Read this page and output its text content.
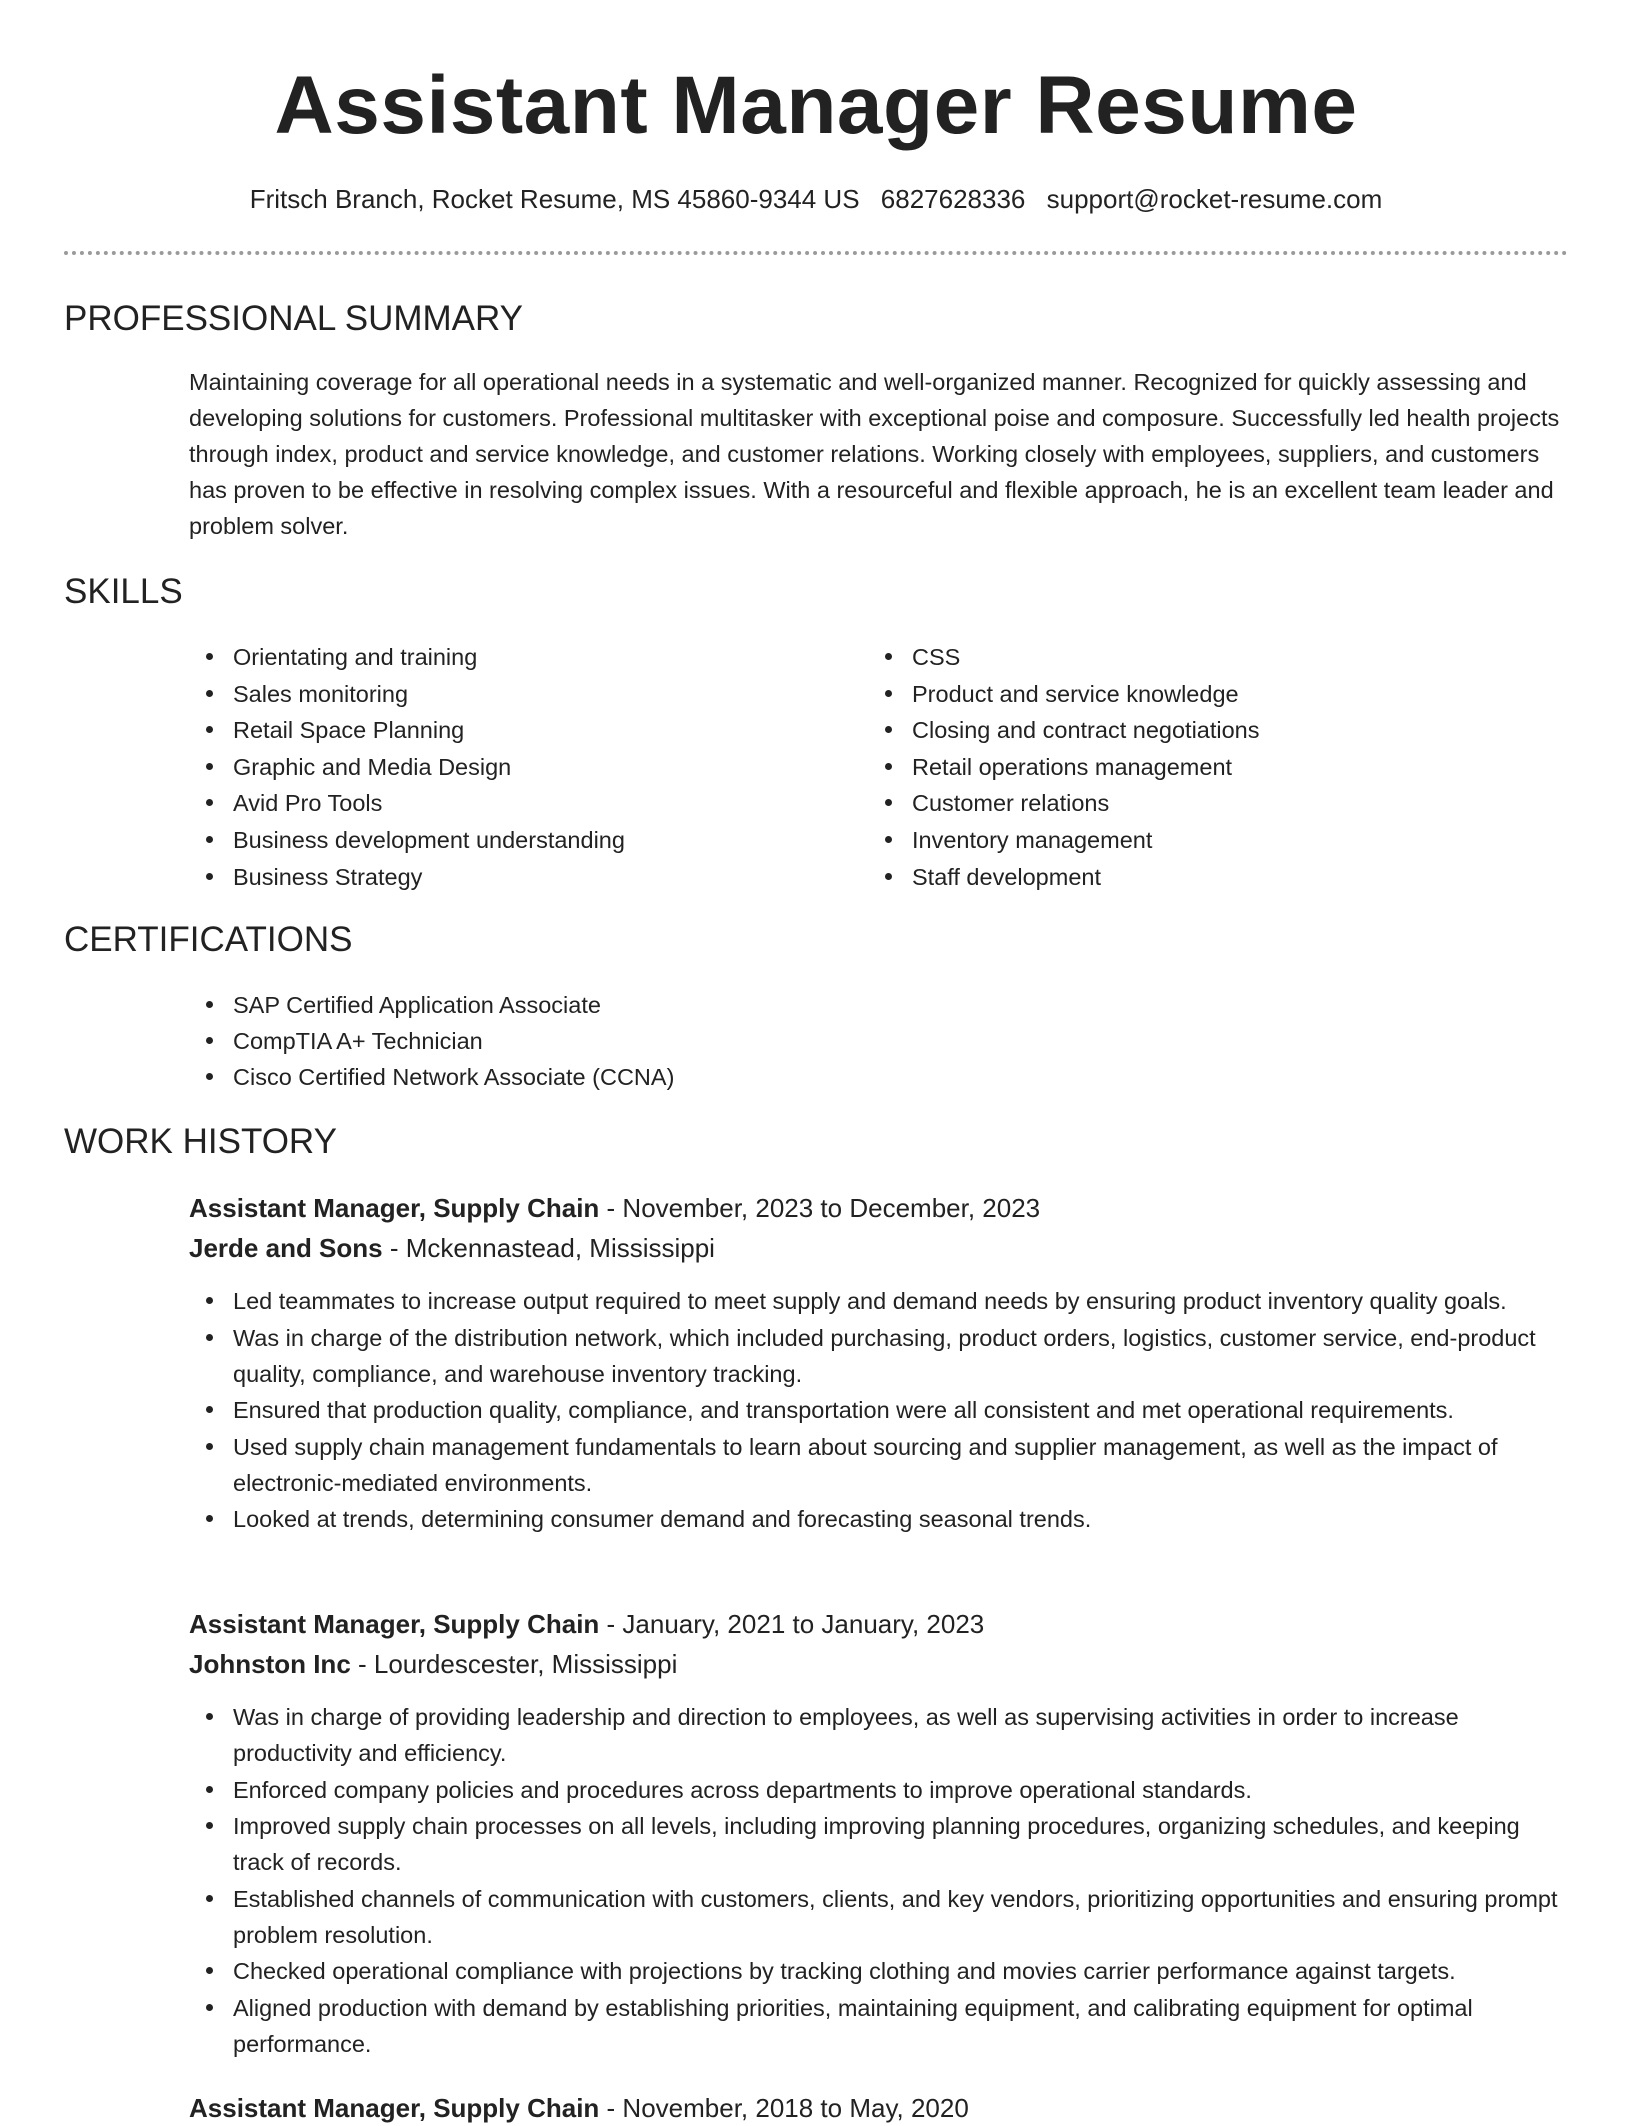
Assistant Manager Resume
Fritsch Branch, Rocket Resume, MS 45860-9344 US 6827628336 support@rocket-resume.com
PROFESSIONAL SUMMARY
Maintaining coverage for all operational needs in a systematic and well-organized manner. Recognized for quickly assessing and developing solutions for customers. Professional multitasker with exceptional poise and composure. Successfully led health projects through index, product and service knowledge, and customer relations. Working closely with employees, suppliers, and customers has proven to be effective in resolving complex issues. With a resourceful and flexible approach, he is an excellent team leader and problem solver.
SKILLS
Orientating and training
Sales monitoring
Retail Space Planning
Graphic and Media Design
Avid Pro Tools
Business development understanding
Business Strategy
CSS
Product and service knowledge
Closing and contract negotiations
Retail operations management
Customer relations
Inventory management
Staff development
CERTIFICATIONS
SAP Certified Application Associate
CompTIA A+ Technician
Cisco Certified Network Associate (CCNA)
WORK HISTORY
Assistant Manager, Supply Chain - November, 2023 to December, 2023
Jerde and Sons - Mckennastead, Mississippi
Led teammates to increase output required to meet supply and demand needs by ensuring product inventory quality goals.
Was in charge of the distribution network, which included purchasing, product orders, logistics, customer service, end-product quality, compliance, and warehouse inventory tracking.
Ensured that production quality, compliance, and transportation were all consistent and met operational requirements.
Used supply chain management fundamentals to learn about sourcing and supplier management, as well as the impact of electronic-mediated environments.
Looked at trends, determining consumer demand and forecasting seasonal trends.
Assistant Manager, Supply Chain - January, 2021 to January, 2023
Johnston Inc - Lourdescester, Mississippi
Was in charge of providing leadership and direction to employees, as well as supervising activities in order to increase productivity and efficiency.
Enforced company policies and procedures across departments to improve operational standards.
Improved supply chain processes on all levels, including improving planning procedures, organizing schedules, and keeping track of records.
Established channels of communication with customers, clients, and key vendors, prioritizing opportunities and ensuring prompt problem resolution.
Checked operational compliance with projections by tracking clothing and movies carrier performance against targets.
Aligned production with demand by establishing priorities, maintaining equipment, and calibrating equipment for optimal performance.
Assistant Manager, Supply Chain - November, 2018 to May, 2020
